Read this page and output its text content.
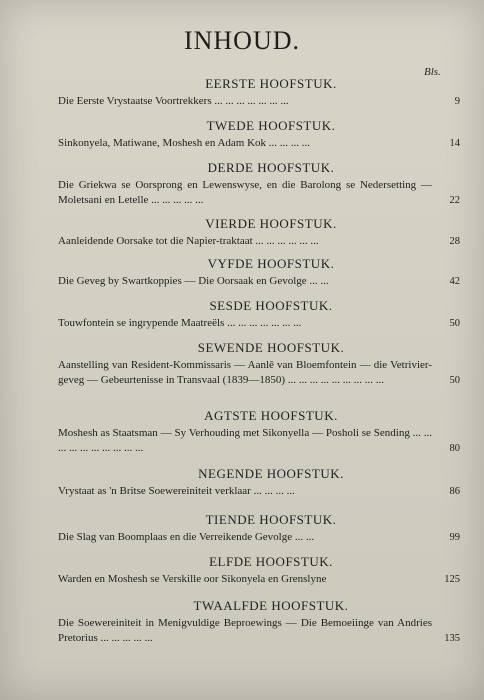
INHOUD.
Bls.
EERSTE HOOFSTUK.
Die Eerste Vrystaatse Voortrekkers ... ... ... ... ... ... ...	9
TWEDE HOOFSTUK.
Sinkonyela, Matiwane, Moshesh en Adam Kok ... ... ... ...	14
DERDE HOOFSTUK.
Die Griekwa se Oorsprong en Lewenswyse, en die Barolong se Nedersetting — Moletsani en Letelle ... ... ... ... ...	22
VIERDE HOOFSTUK.
Aanleidende Oorsake tot die Napier-traktaat ... ... ... ... ... ...	28
VYFDE HOOFSTUK.
Die Geveg by Swartkoppies — Die Oorsaak en Gevolge ... ...	42
SESDE HOOFSTUK.
Touwfontein se ingrypende Maatreëls ... ... ... ... ... ... ...	50
SEWENDE HOOFSTUK.
Aanstelling van Resident-Kommissaris — Aanlê van Bloemfontein — die Vetrivier-geveg — Gebeurtenisse in Transvaal (1839—1850) ... ... ... ... ... ... ... ... ...	50
AGTSTE HOOFSTUK.
Moshesh as Staatsman — Sy Verhouding met Sikonyella — Posholi se Sending ... ... ... ... ... ... ... ... ... ...	80
NEGENDE HOOFSTUK.
Vrystaat as 'n Britse Soewereiniteit verklaar ... ... ... ...	86
TIENDE HOOFSTUK.
Die Slag van Boomplaas en die Verreikende Gevolge ... ...	99
ELFDE HOOFSTUK.
Warden en Moshesh se Verskille oor Sikonyela en Grenslyne	125
TWAALFDE HOOFSTUK.
Die Soewereiniteit in Menigvuldige Beproewings — Die Bemoeiinge van Andries Pretorius ... ... ... ... ...	135
